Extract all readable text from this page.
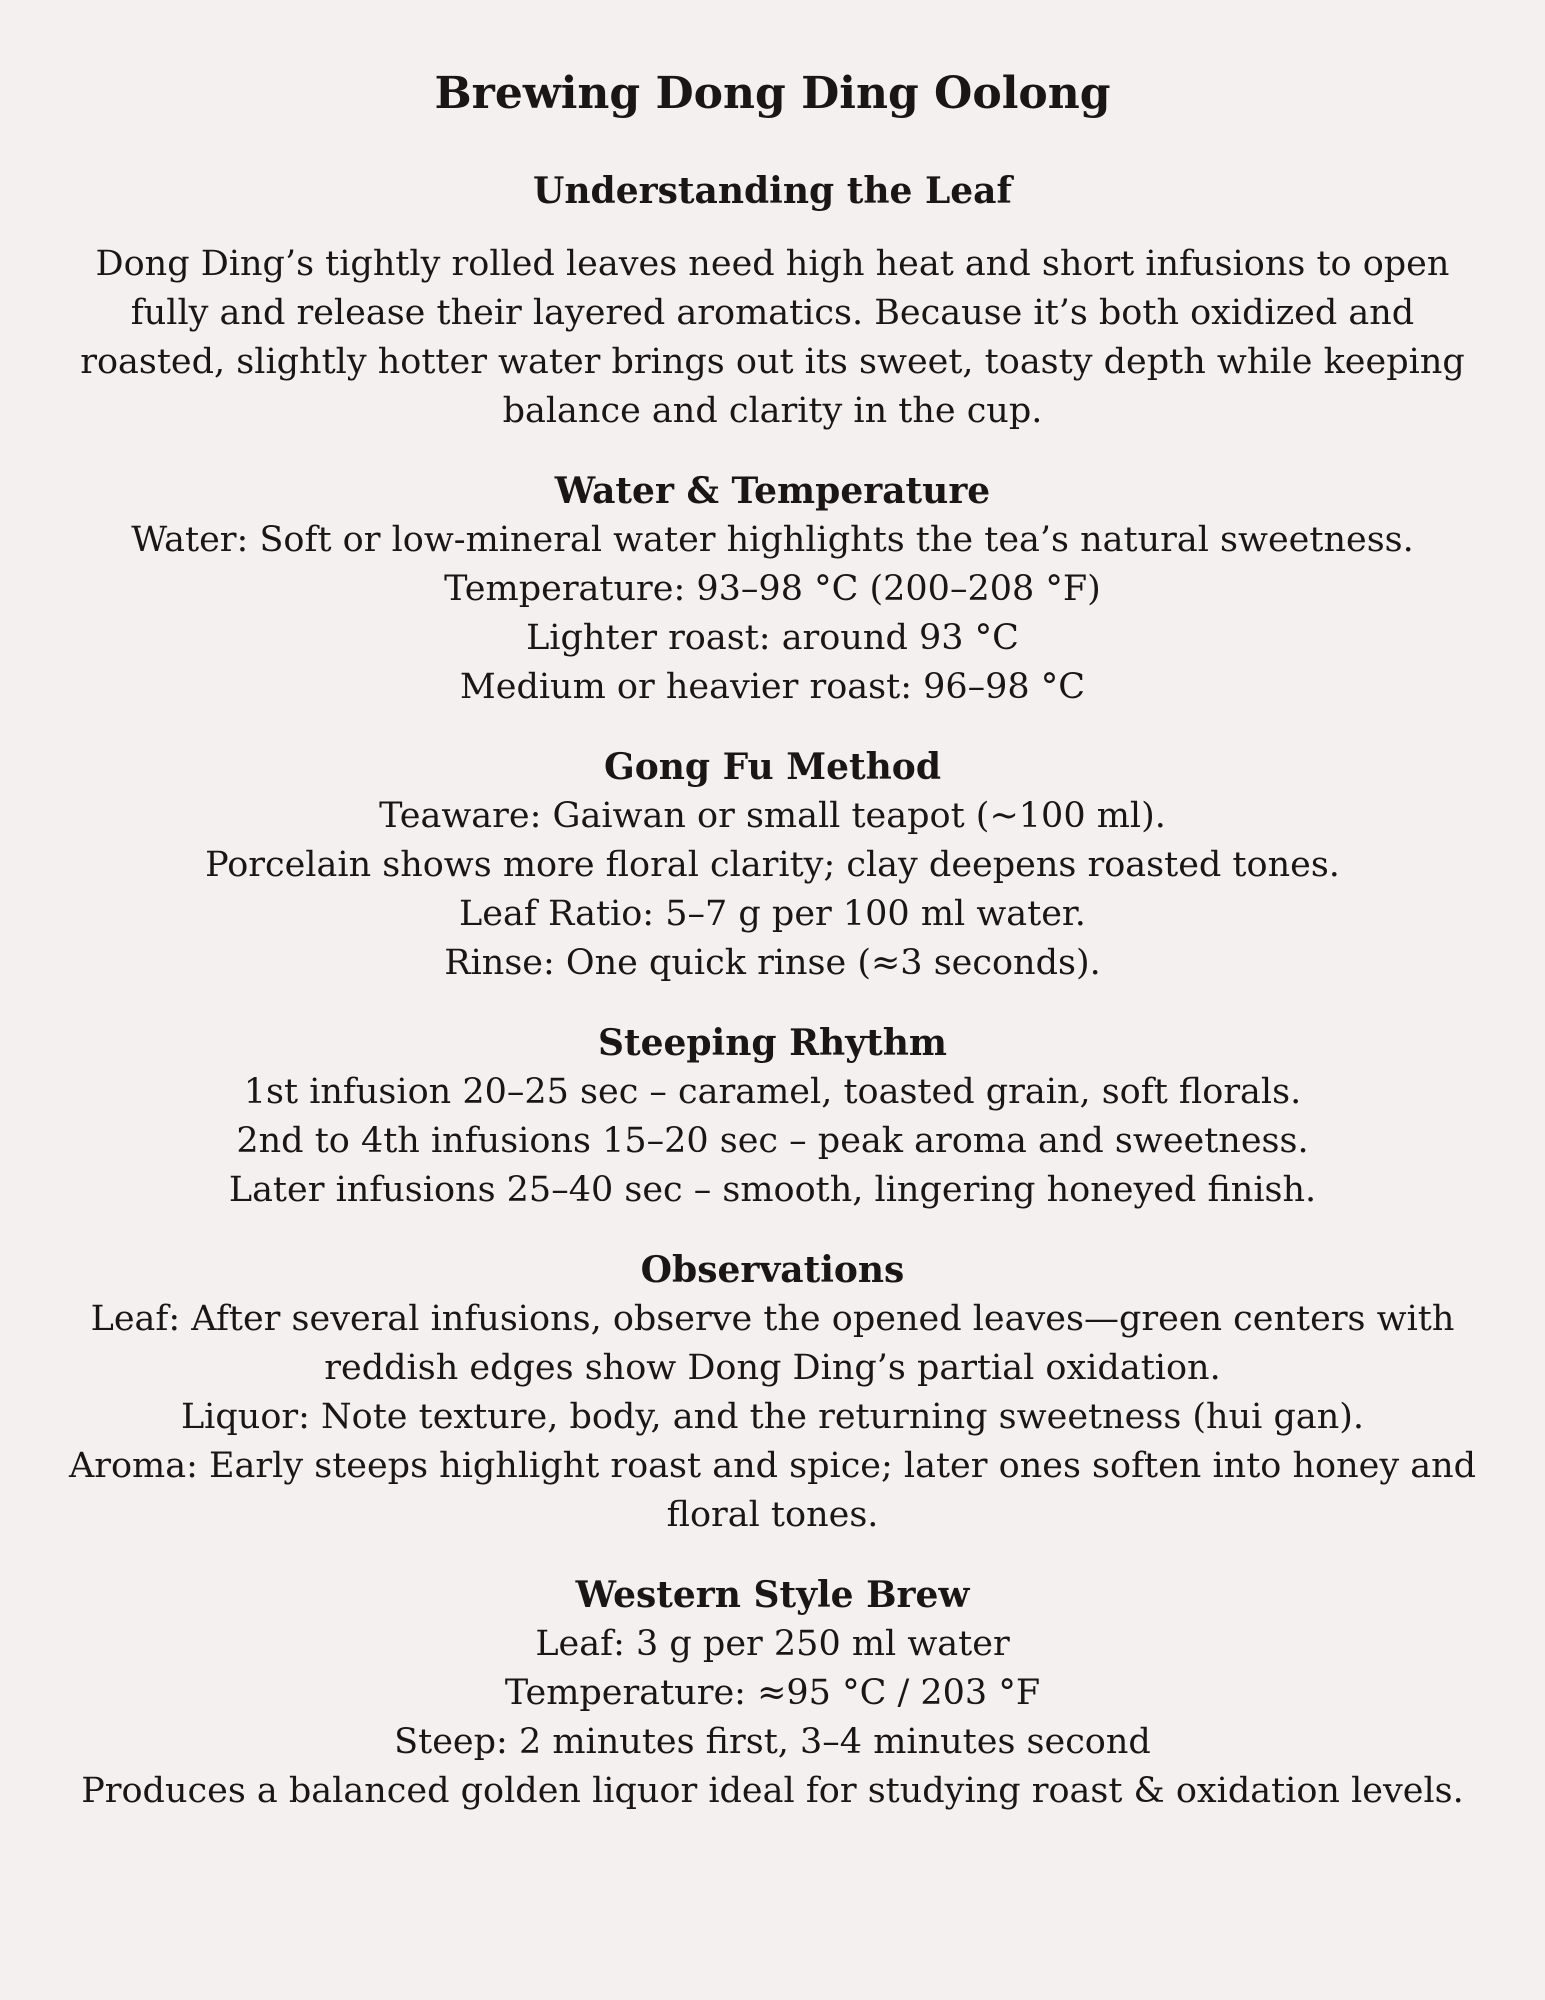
Brewing Dong Ding Oolong
Understanding the Leaf

Dong Ding’s tightly rolled leaves need high heat and short infusions to open fully and release their layered aromatics. Because it’s both oxidized and roasted, slightly hotter water brings out its sweet, toasty depth while keeping balance and clarity in the cup.

Water & Temperature

Water: Soft or low-mineral water highlights the tea’s natural sweetness.

Temperature: 93–98 °C (200–208 °F)

Lighter roast: around 93 °C

Medium or heavier roast: 96–98 °C

Gong Fu Method

Teaware: Gaiwan or small teapot (~100 ml).

Porcelain shows more floral clarity; clay deepens roasted tones.

Leaf Ratio: 5–7 g per 100 ml water.

Rinse: One quick rinse (≈3 seconds).

Steeping Rhythm

1st infusion 20–25 sec – caramel, toasted grain, soft florals.

2nd to 4th infusions 15–20 sec – peak aroma and sweetness.

Later infusions 25–40 sec – smooth, lingering honeyed finish.

Observations

Leaf: After several infusions, observe the opened leaves—green centers with reddish edges show Dong Ding’s partial oxidation.

Liquor: Note texture, body, and the returning sweetness (hui gan).

Aroma: Early steeps highlight roast and spice; later ones soften into honey and floral tones.

Western Style Brew

Leaf: 3 g per 250 ml water

Temperature: ≈95 °C / 203 °F

Steep: 2 minutes first, 3–4 minutes second

Produces a balanced golden liquor ideal for studying roast & oxidation levels.
